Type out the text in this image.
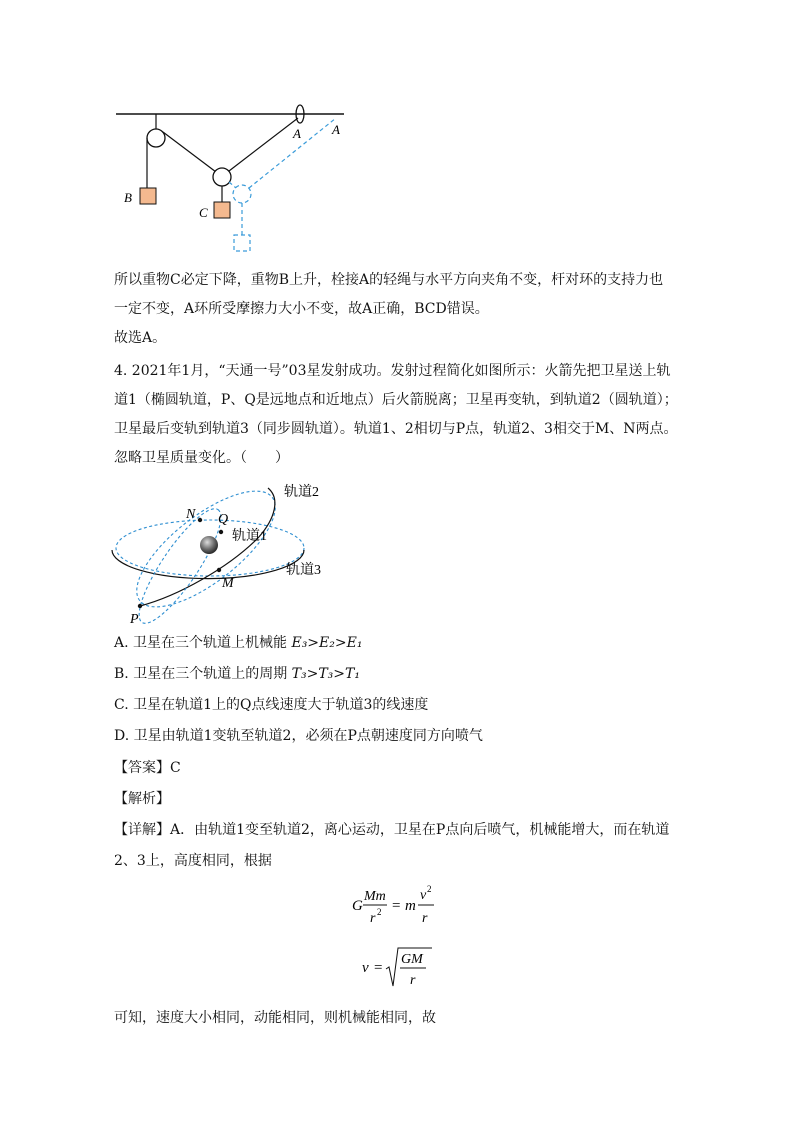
A A
B
C
所以重物C必定下降，重物B上升，栓接A的轻绳与水平方向夹角不变，杆对环的支持力也
一定不变，A环所受摩擦力大小不变，故A正确，BCD错误。
故选A。
4. 2021年1月，“天通一号”03星发射成功。发射过程简化如图所示：火箭先把卫星送上轨
道1（椭圆轨道，P、Q是远地点和近地点）后火箭脱离；卫星再变轨，到轨道2（圆轨道）；
卫星最后变轨到轨道3（同步圆轨道）。轨道1、2相切与P点，轨道2、3相交于M、N两点。
忽略卫星质量变化。（　　）
轨道2
轨道1
轨道3
N Q
M
P
A. 卫星在三个轨道上机械能 E₃>E₂>E₁
B. 卫星在三个轨道上的周期 T₃>T₃>T₁
C. 卫星在轨道1上的Q点线速度大于轨道3的线速度
D. 卫星由轨道1变轨至轨道2，必须在P点朝速度同方向喷气
【答案】C
【解析】
【详解】A．由轨道1变至轨道2，离心运动，卫星在P点向后喷气，机械能增大，而在轨道
2、3上，高度相同，根据
G
Mm
r 2 = m
v 2
r
v =
GM
r
可知，速度大小相同，动能相同，则机械能相同，故
